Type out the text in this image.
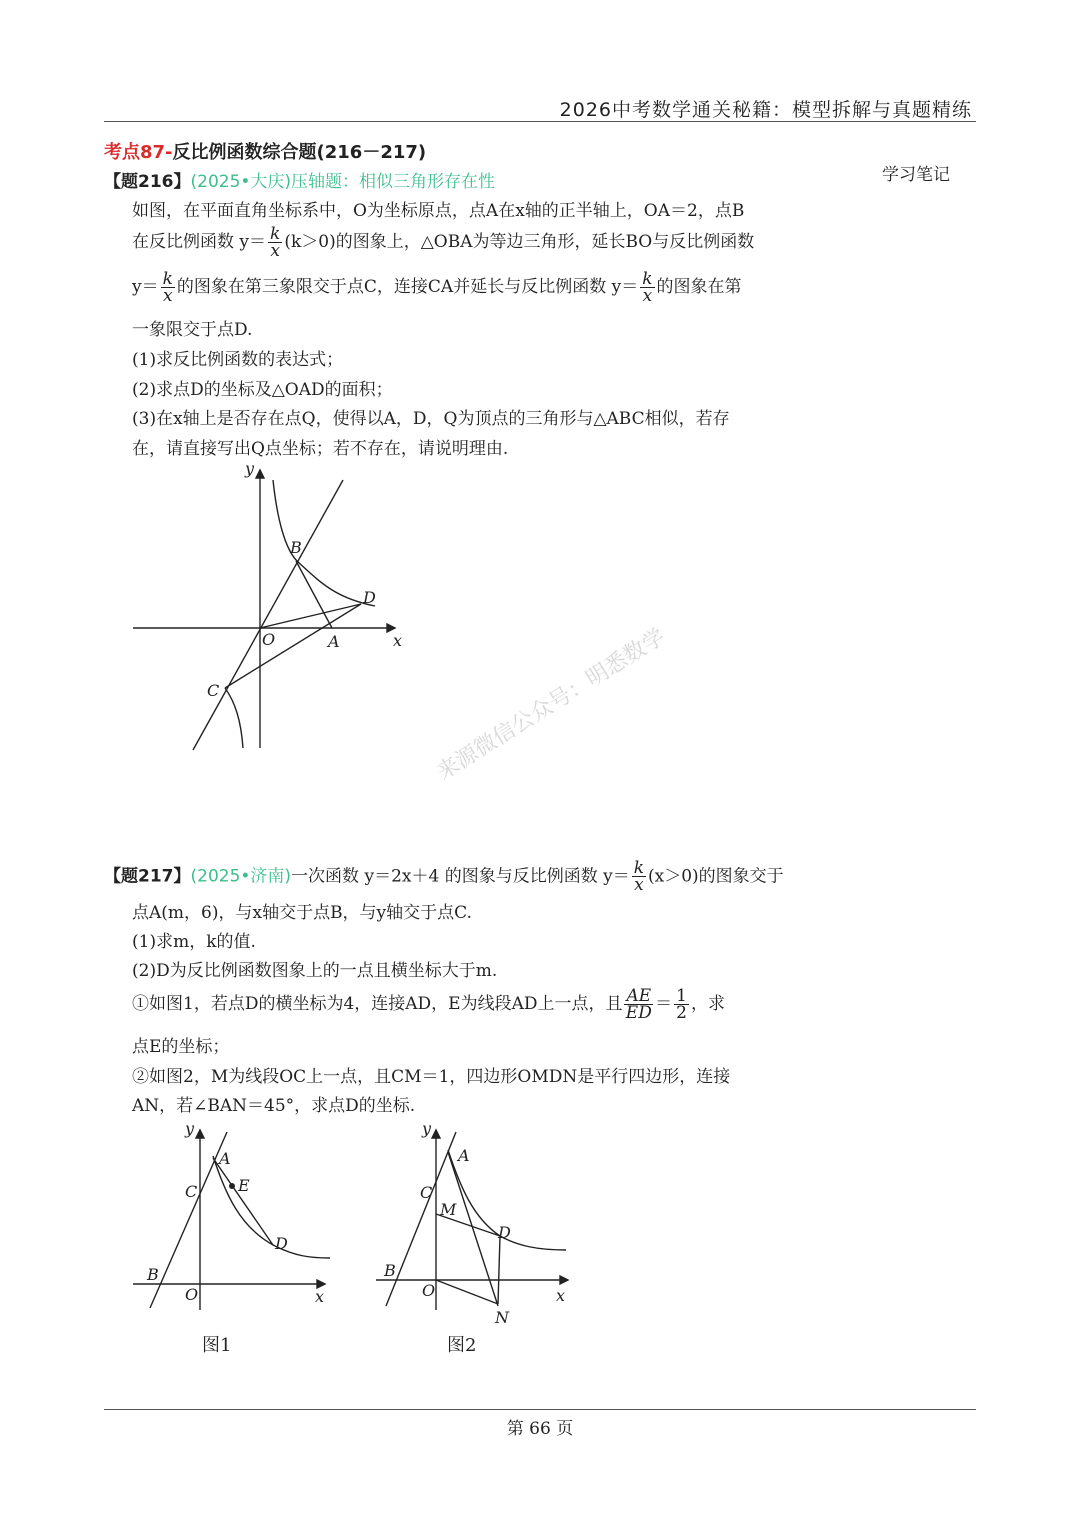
2026中考数学通关秘籍：模型拆解与真题精练
考点87-反比例函数综合题(216－217)
学习笔记
【题216】(2025•大庆)压轴题：相似三角形存在性
如图，在平面直角坐标系中，O为坐标原点，点A在x轴的正半轴上，OA＝2，点B
在反比例函数 $y= \frac{k}{x} (k>0)$的图象上，△OBA为等边三角形，延长BO与反比例函数
$y= \frac{k}{x}$ 的图象在第三象限交于点C，连接CA并延长与反比例函数 $y= \frac{k}{x}$ 的图象在第
一象限交于点D.
(1)求反比例函数的表达式；
(2)求点D的坐标及△OAD的面积；
(3)在x轴上是否存在点Q，使得以A，D，Q为顶点的三角形与△ABC相似，若存
在，请直接写出Q点坐标；若不存在，请说明理由.
y
x
O	A
B
C
D
来源微信公众号：明悉数学
【题217】(2025•济南)一次函数 y＝2x＋4 的图象与反比例函数 $y= \frac{k}{x} (x>0)$的图象交于
点A(m，6)，与x轴交于点B，与y轴交于点C.
(1)求m，k的值.
(2)D为反比例函数图象上的一点且横坐标大于m.
①如图1，若点D的横坐标为4，连接AD，E为线段AD上一点，且 $\frac{AE}{ED} = \frac{1}{2}$ ，求
点E的坐标；
②如图2，M为线段OC上一点，且CM＝1，四边形OMDN是平行四边形，连接
AN，若∠BAN＝45°，求点D的坐标.
y
x
O
A
B
C
D
E
图1
y
x
O
A
B
C
D
M
N
图2
第 66 页
